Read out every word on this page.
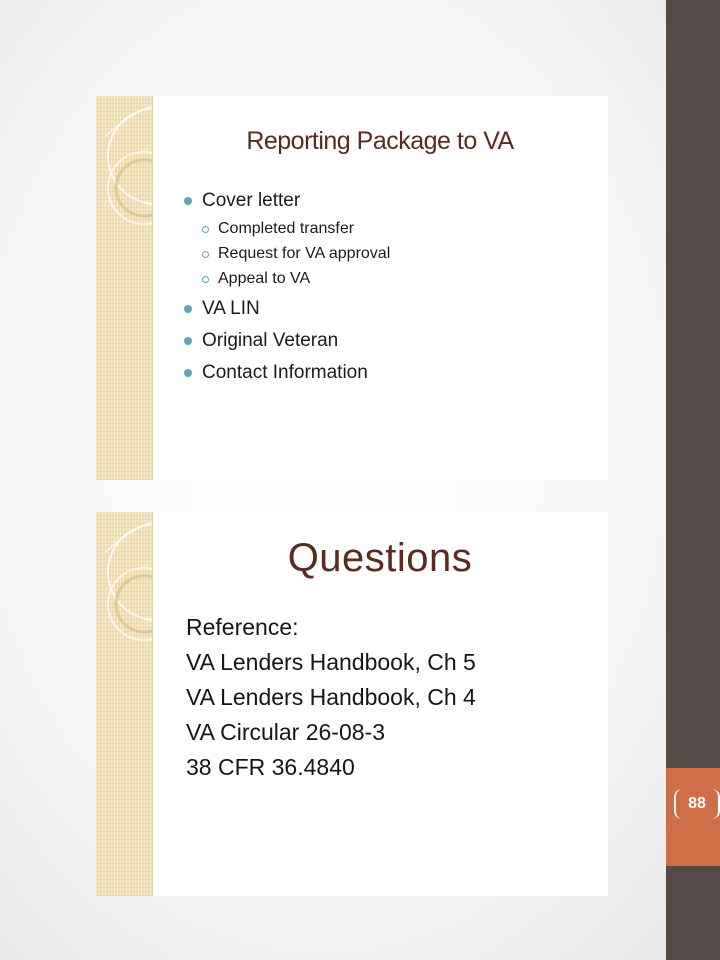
88
Reporting Package to VA
Cover letter
Completed transfer
Request for VA approval
Appeal to VA
VA LIN
Original Veteran
Contact Information
Questions
Reference:
VA Lenders Handbook, Ch 5
VA Lenders Handbook, Ch 4
VA Circular 26-08-3
38 CFR 36.4840
